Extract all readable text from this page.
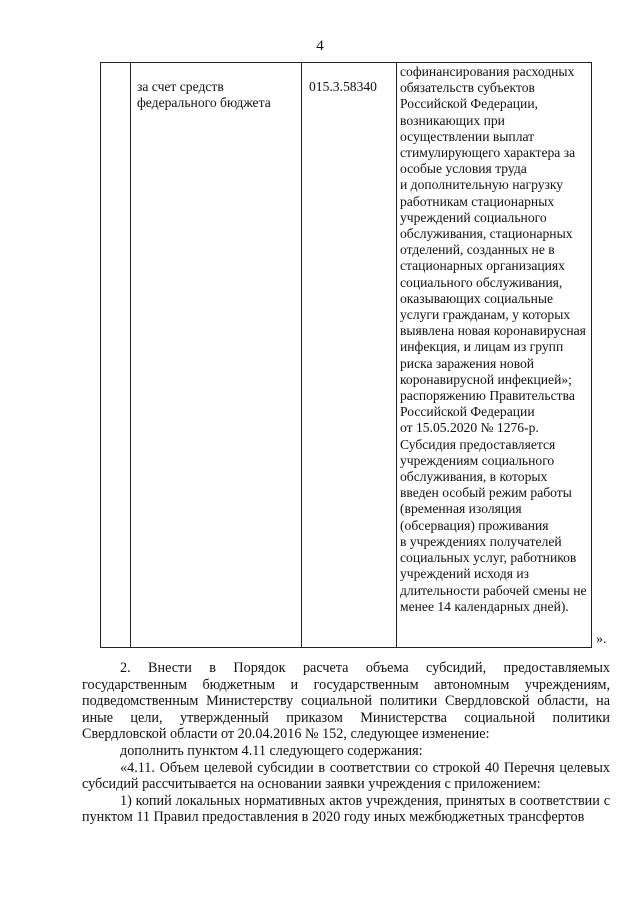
4
	за счет средств федерального бюджета	015.3.58340	
софинансирования расходных
обязательств субъектов
Российской Федерации,
возникающих при
осуществлении выплат
стимулирующего характера за
особые условия труда
и дополнительную нагрузку
работникам стационарных
учреждений социального
обслуживания, стационарных
отделений, созданных не в
стационарных организациях
социального обслуживания,
оказывающих социальные
услуги гражданам, у которых
выявлена новая коронавирусная
инфекция, и лицам из групп
риска заражения новой
коронавирусной инфекцией»;
распоряжению Правительства
Российской Федерации
от 15.05.2020 № 1276-р.
Субсидия предоставляется
учреждениям социального
обслуживания, в которых
введен особый режим работы
(временная изоляция
(обсервация) проживания
в учреждениях получателей
социальных услуг, работников
учреждений исходя из
длительности рабочей смены не
менее 14 календарных дней).
».

2. Внести в Порядок расчета объема субсидий, предоставляемых государственным бюджетным и государственным автономным учреждениям, подведомственным Министерству социальной политики Свердловской области, на иные цели, утвержденный приказом Министерства социальной политики Свердловской области от 20.04.2016 № 152, следующее изменение:

дополнить пунктом 4.11 следующего содержания:

«4.11. Объем целевой субсидии в соответствии со строкой 40 Перечня целевых субсидий рассчитывается на основании заявки учреждения с приложением:

1) копий локальных нормативных актов учреждения, принятых в соответствии с пунктом 11 Правил предоставления в 2020 году иных межбюджетных трансфертов
